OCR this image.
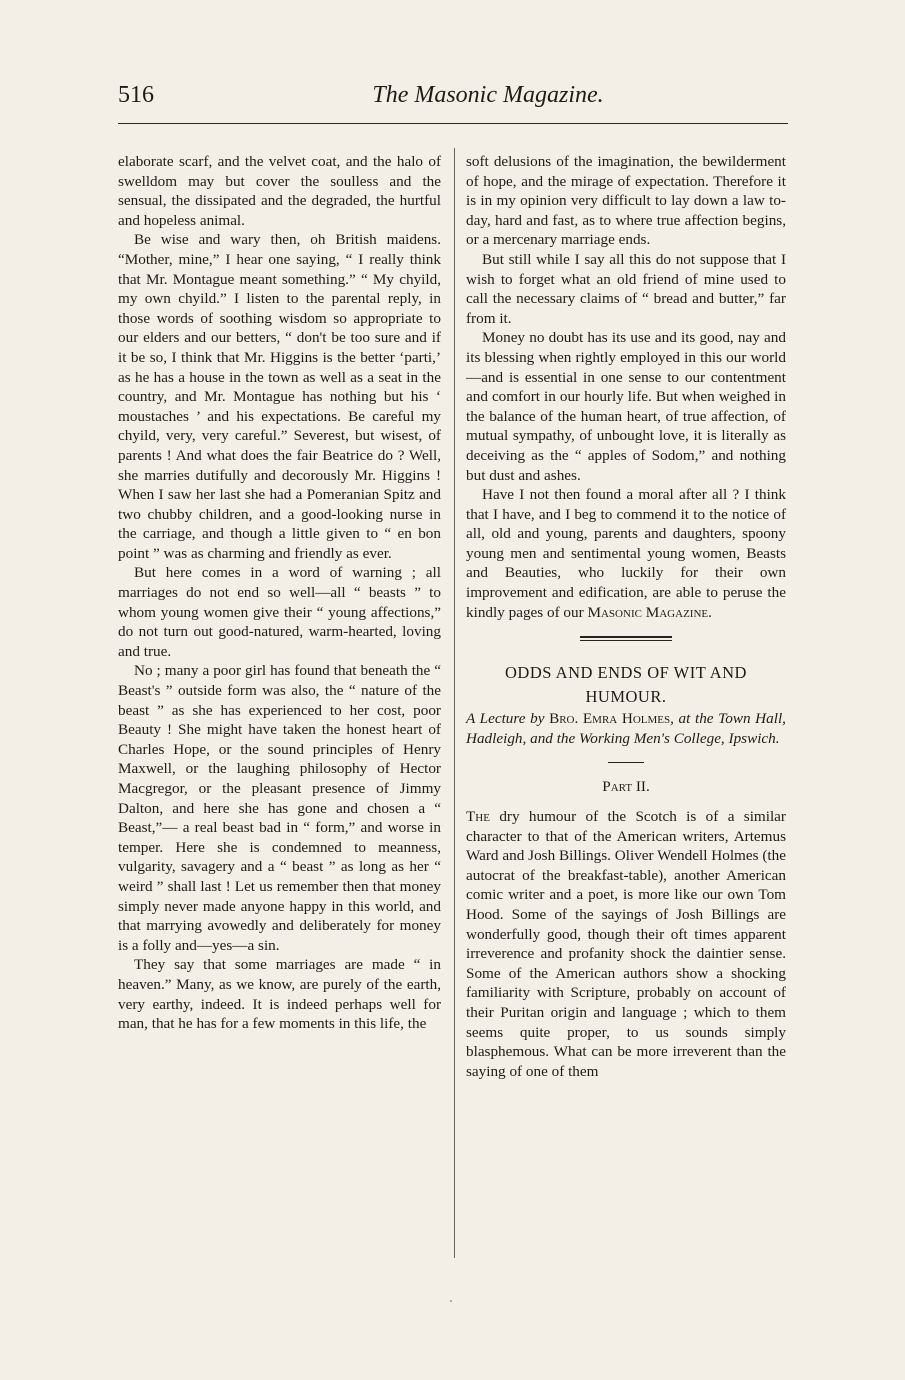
516	The Masonic Magazine.

elaborate scarf, and the velvet coat, and the halo of swelldom may but cover the soulless and the sensual, the dissipated and the degraded, the hurtful and hopeless animal.

Be wise and wary then, oh British maidens. “Mother, mine,” I hear one saying, “ I really think that Mr. Montague meant something.” “ My chyild, my own chyild.” I listen to the parental reply, in those words of soothing wisdom so appropriate to our elders and our betters, “ don't be too sure and if it be so, I think that Mr. Higgins is the better ‘parti,’ as he has a house in the town as well as a seat in the country, and Mr. Montague has nothing but his ‘ moustaches ’ and his expectations. Be careful my chyild, very, very careful.” Severest, but wisest, of parents ! And what does the fair Beatrice do ? Well, she marries dutifully and decorously Mr. Higgins ! When I saw her last she had a Pomeranian Spitz and two chubby children, and a good-looking nurse in the carriage, and though a little given to “ en bon point ” was as charming and friendly as ever.

But here comes in a word of warning ; all marriages do not end so well—all “ beasts ” to whom young women give their “ young affections,” do not turn out good-natured, warm-hearted, loving and true.

No ; many a poor girl has found that beneath the “ Beast's ” outside form was also, the “ nature of the beast ” as she has experienced to her cost, poor Beauty ! She might have taken the honest heart of Charles Hope, or the sound principles of Henry Maxwell, or the laughing philosophy of Hector Macgregor, or the pleasant presence of Jimmy Dalton, and here she has gone and chosen a “ Beast,”— a real beast bad in “ form,” and worse in temper. Here she is condemned to meanness, vulgarity, savagery and a “ beast ” as long as her “ weird ” shall last ! Let us remember then that money simply never made anyone happy in this world, and that marrying avowedly and deliberately for money is a folly and—yes—a sin.

They say that some marriages are made “ in heaven.” Many, as we know, are purely of the earth, very earthy, indeed. It is indeed perhaps well for man, that he has for a few moments in this life, the

soft delusions of the imagination, the bewilderment of hope, and the mirage of expectation. Therefore it is in my opinion very difficult to lay down a law to-day, hard and fast, as to where true affection begins, or a mercenary marriage ends.

But still while I say all this do not suppose that I wish to forget what an old friend of mine used to call the necessary claims of “ bread and butter,” far from it.

Money no doubt has its use and its good, nay and its blessing when rightly employed in this our world—and is essential in one sense to our contentment and comfort in our hourly life. But when weighed in the balance of the human heart, of true affection, of mutual sympathy, of unbought love, it is literally as deceiving as the “ apples of Sodom,” and nothing but dust and ashes.

Have I not then found a moral after all ? I think that I have, and I beg to commend it to the notice of all, old and young, parents and daughters, spoony young men and sentimental young women, Beasts and Beauties, who luckily for their own improvement and edification, are able to peruse the kindly pages of our Masonic Magazine.

ODDS AND ENDS OF WIT AND HUMOUR.

A Lecture by Bro. Emra Holmes, at the Town Hall, Hadleigh, and the Working Men's College, Ipswich.

Part II.

The dry humour of the Scotch is of a similar character to that of the American writers, Artemus Ward and Josh Billings. Oliver Wendell Holmes (the autocrat of the breakfast-table), another American comic writer and a poet, is more like our own Tom Hood. Some of the sayings of Josh Billings are wonderfully good, though their oft times apparent irreverence and profanity shock the daintier sense. Some of the American authors show a shocking familiarity with Scripture, probably on account of their Puritan origin and language ; which to them seems quite proper, to us sounds simply blasphemous. What can be more irreverent than the saying of one of them
